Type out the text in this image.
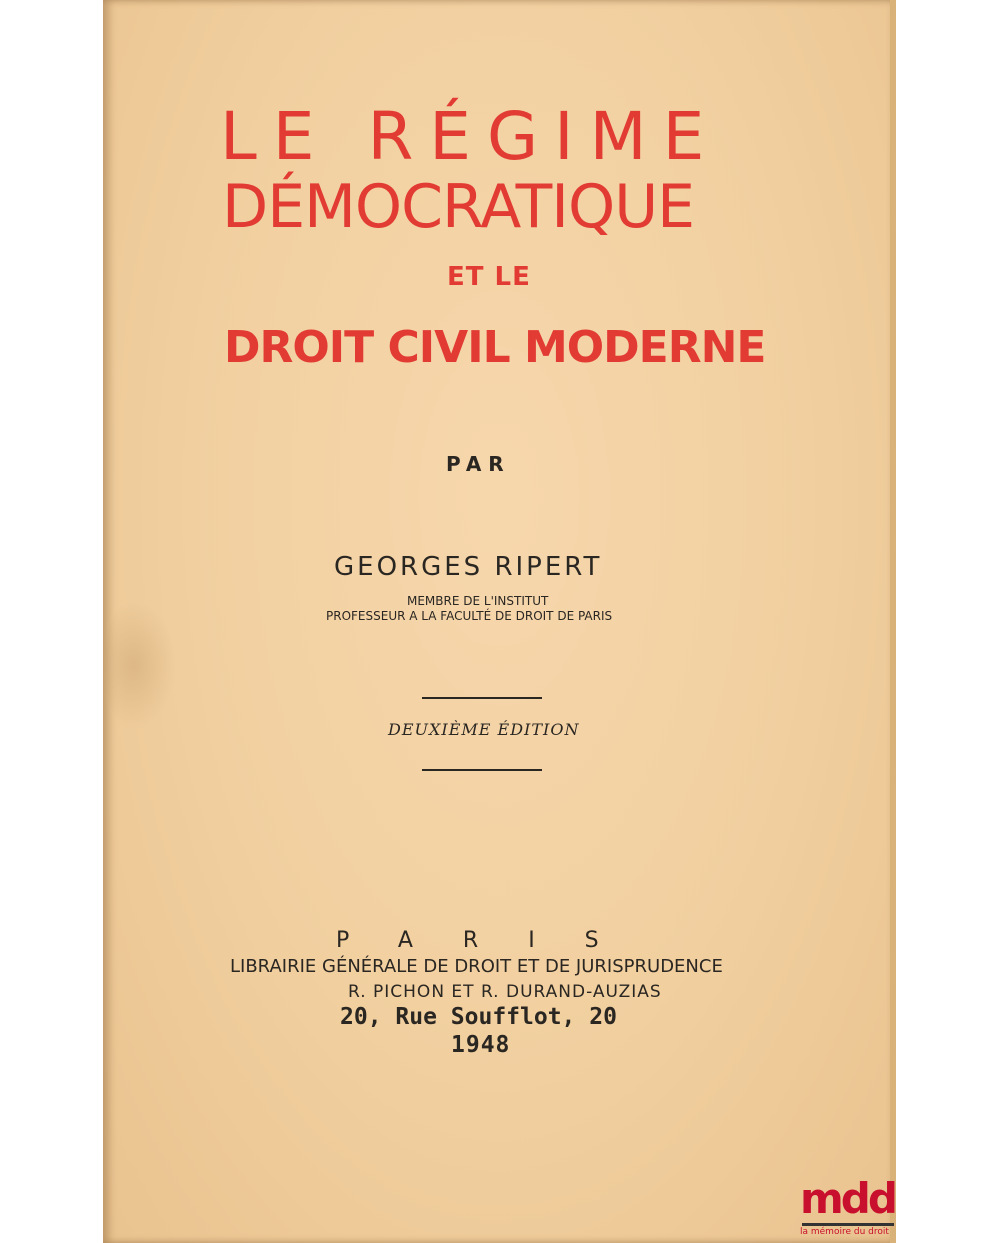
LE RÉGIME
DÉMOCRATIQUE
ET LE
DROIT CIVIL MODERNE
PAR
GEORGES RIPERT
MEMBRE DE L'INSTITUT
PROFESSEUR A LA FACULTÉ DE DROIT DE PARIS
DEUXIÈME ÉDITION
PARIS
LIBRAIRIE GÉNÉRALE DE DROIT ET DE JURISPRUDENCE
R. PICHON ET R. DURAND-AUZIAS
20, Rue Soufflot, 20
1948
mdd
la mémoire du droit
